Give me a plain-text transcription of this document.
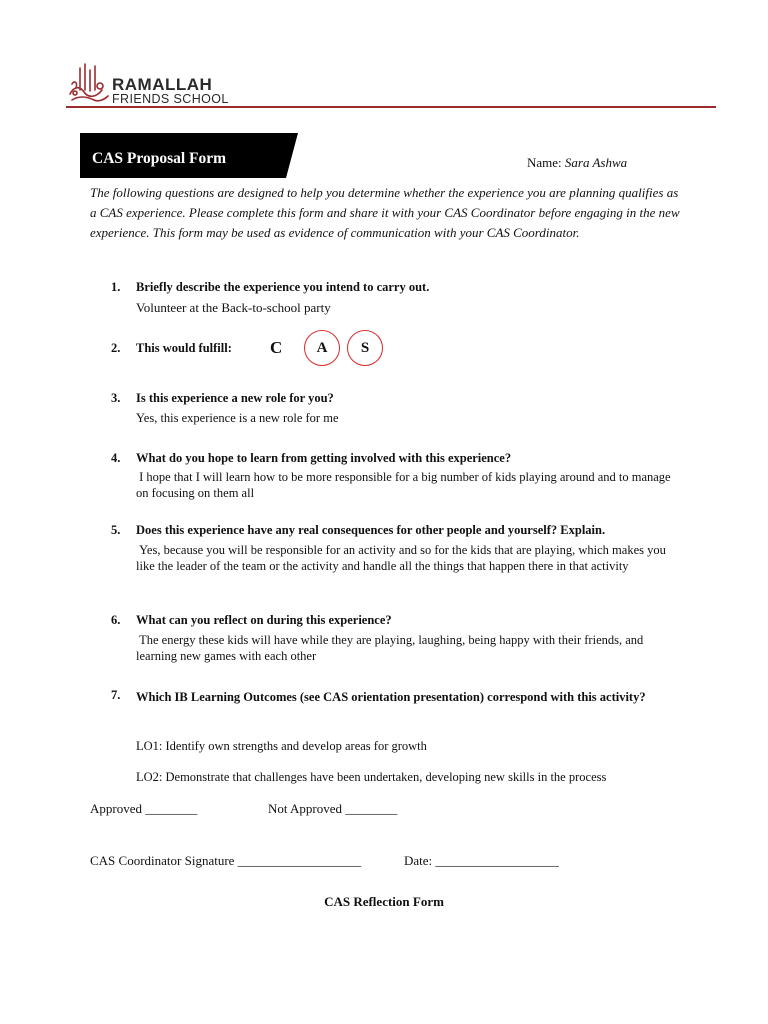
RAMALLAH
FRIENDS SCHOOL
CAS Proposal Form	Name: Sara Ashwa
The following questions are designed to help you determine whether the experience you are planning qualifies as a CAS experience. Please complete this form and share it with your CAS Coordinator before engaging in the new experience. This form may be used as evidence of communication with your CAS Coordinator.
1. Briefly describe the experience you intend to carry out.
Volunteer at the Back-to-school party
2. This would fulfill: C	A	S
3. Is this experience a new role for you?
Yes, this experience is a new role for me
4. What do you hope to learn from getting involved with this experience?
I hope that I will learn how to be more responsible for a big number of kids playing around and to manage on focusing on them all
5. Does this experience have any real consequences for other people and yourself? Explain.
Yes, because you will be responsible for an activity and so for the kids that are playing, which makes you like the leader of the team or the activity and handle all the things that happen there in that activity
6. What can you reflect on during this experience?
The energy these kids will have while they are playing, laughing, being happy with their friends, and learning new games with each other
7. Which IB Learning Outcomes (see CAS orientation presentation) correspond with this activity?
LO1: Identify own strengths and develop areas for growth
LO2: Demonstrate that challenges have been undertaken, developing new skills in the process
Approved ________	Not Approved ________
CAS Coordinator Signature ___________________	Date: ___________________
CAS Reflection Form
